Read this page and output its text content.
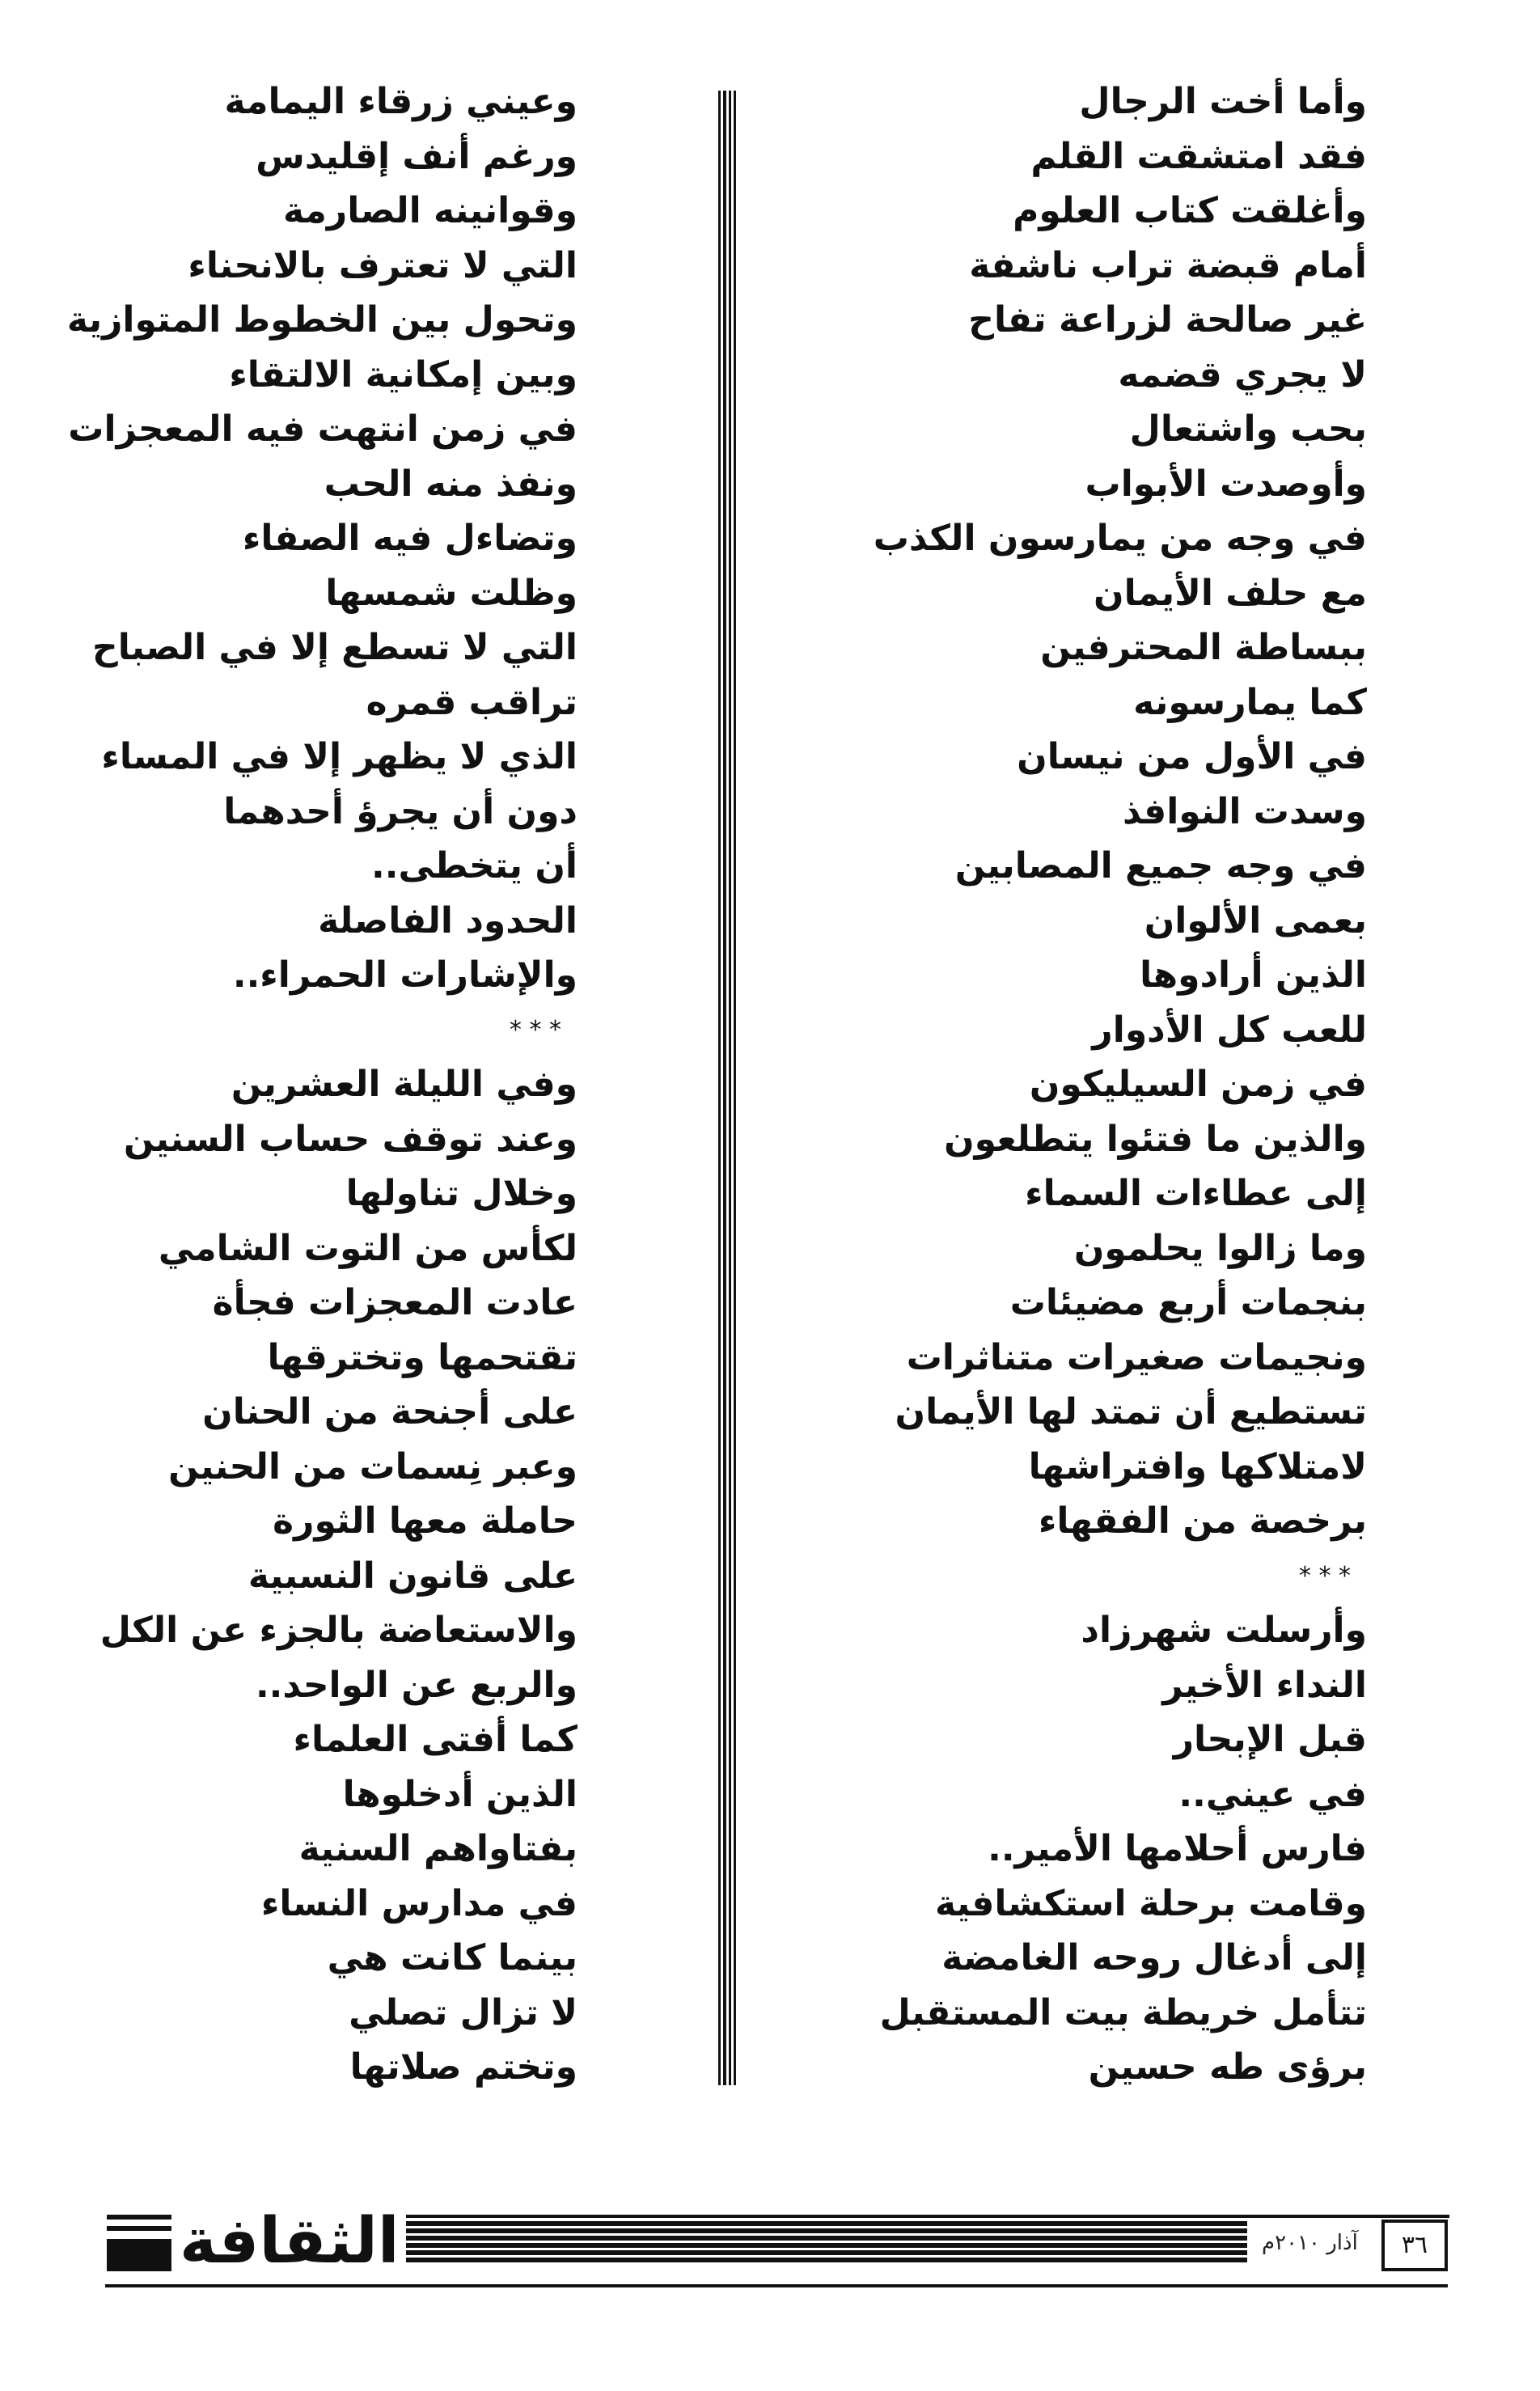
وأما أخت الرجال
فقد امتشقت القلم
وأغلقت كتاب العلوم
أمام قبضة تراب ناشفة
غير صالحة لزراعة تفاح
لا يجري قضمه
بحب واشتعال
وأوصدت الأبواب
في وجه من يمارسون الكذب
مع حلف الأيمان
ببساطة المحترفين
كما يمارسونه
في الأول من نيسان
وسدت النوافذ
في وجه جميع المصابين
بعمى الألوان
الذين أرادوها
للعب كل الأدوار
في زمن السيليكون
والذين ما فتئوا يتطلعون
إلى عطاءات السماء
وما زالوا يحلمون
بنجمات أربع مضيئات
ونجيمات صغيرات متناثرات
تستطيع أن تمتد لها الأيمان
لامتلاكها وافتراشها
برخصة من الفقهاء
* * *
وأرسلت شهرزاد
النداء الأخير
قبل الإبحار
في عيني..
فارس أحلامها الأمير..
وقامت برحلة استكشافية
إلى أدغال روحه الغامضة
تتأمل خريطة بيت المستقبل
برؤى طه حسين
وعيني زرقاء اليمامة
ورغم أنف إقليدس
وقوانينه الصارمة
التي لا تعترف بالانحناء
وتحول بين الخطوط المتوازية
وبين إمكانية الالتقاء
في زمن انتهت فيه المعجزات
ونفذ منه الحب
وتضاءل فيه الصفاء
وظلت شمسها
التي لا تسطع إلا في الصباح
تراقب قمره
الذي لا يظهر إلا في المساء
دون أن يجرؤ أحدهما
أن يتخطى..
الحدود الفاصلة
والإشارات الحمراء..
* * *
وفي الليلة العشرين
وعند توقف حساب السنين
وخلال تناولها
لكأس من التوت الشامي
عادت المعجزات فجأة
تقتحمها وتخترقها
على أجنحة من الحنان
وعبر نِسمات من الحنين
حاملة معها الثورة
على قانون النسبية
والاستعاضة بالجزء عن الكل
والربع عن الواحد..
كما أفتى العلماء
الذين أدخلوها
بفتاواهم السنية
في مدارس النساء
بينما كانت هي
لا تزال تصلي
وتختم صلاتها
الثقافة	آذار ٢٠١٠م	٣٦
